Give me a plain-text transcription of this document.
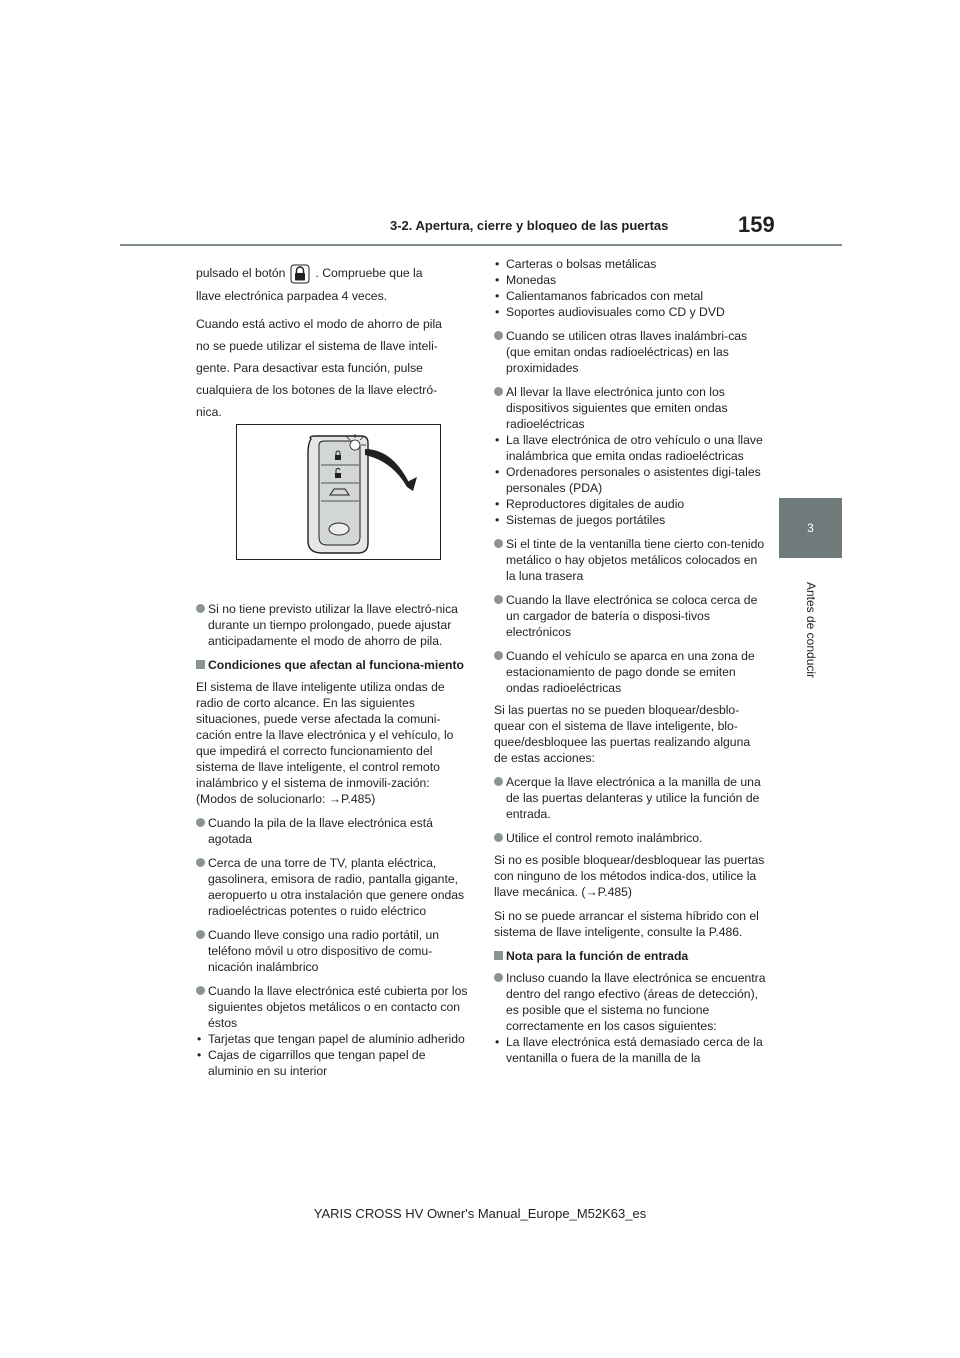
3-2. Apertura, cierre y bloqueo de las puertas	159
3
Antes de conducir

pulsado el botón . Compruebe que la

llave electrónica parpadea 4 veces.

Cuando está activo el modo de ahorro de pila

no se puede utilizar el sistema de llave inteli-

gente. Para desactivar esta función, pulse

cualquiera de los botones de la llave electró-

nica.

Si no tiene previsto utilizar la llave electró-nica durante un tiempo prolongado, puede ajustar anticipadamente el modo de ahorro de pila.

Condiciones que afectan al funciona-miento

El sistema de llave inteligente utiliza ondas de radio de corto alcance. En las siguientes situaciones, puede verse afectada la comuni-cación entre la llave electrónica y el vehículo, lo que impedirá el correcto funcionamiento del sistema de llave inteligente, el control remoto inalámbrico y el sistema de inmovili-zación: (Modos de solucionarlo: →P.485)

Cuando la pila de la llave electrónica está agotada

Cerca de una torre de TV, planta eléctrica, gasolinera, emisora de radio, pantalla gigante, aeropuerto u otra instalación que genere ondas radioeléctricas potentes o ruido eléctrico

Cuando lleve consigo una radio portátil, un teléfono móvil u otro dispositivo de comu-nicación inalámbrico

Cuando la llave electrónica esté cubierta por los siguientes objetos metálicos o en contacto con éstos

• Tarjetas que tengan papel de aluminio adherido

• Cajas de cigarrillos que tengan papel de aluminio en su interior

• Carteras o bolsas metálicas

• Monedas

• Calientamanos fabricados con metal

• Soportes audiovisuales como CD y DVD

Cuando se utilicen otras llaves inalámbri-cas (que emitan ondas radioeléctricas) en las proximidades

Al llevar la llave electrónica junto con los dispositivos siguientes que emiten ondas radioeléctricas

• La llave electrónica de otro vehículo o una llave inalámbrica que emita ondas radioeléctricas

• Ordenadores personales o asistentes digi-tales personales (PDA)

• Reproductores digitales de audio

• Sistemas de juegos portátiles

Si el tinte de la ventanilla tiene cierto con-tenido metálico o hay objetos metálicos colocados en la luna trasera

Cuando la llave electrónica se coloca cerca de un cargador de batería o disposi-tivos electrónicos

Cuando el vehículo se aparca en una zona de estacionamiento de pago donde se emiten ondas radioeléctricas

Si las puertas no se pueden bloquear/desblo-quear con el sistema de llave inteligente, blo-quee/desbloquee las puertas realizando alguna de estas acciones:

Acerque la llave electrónica a la manilla de una de las puertas delanteras y utilice la función de entrada.

Utilice el control remoto inalámbrico.

Si no es posible bloquear/desbloquear las puertas con ninguno de los métodos indica-dos, utilice la llave mecánica. (→P.485)

Si no se puede arrancar el sistema híbrido con el sistema de llave inteligente, consulte la P.486.

Nota para la función de entrada

Incluso cuando la llave electrónica se encuentra dentro del rango efectivo (áreas de detección), es posible que el sistema no funcione correctamente en los casos siguientes:

• La llave electrónica está demasiado cerca de la ventanilla o fuera de la manilla de la

YARIS CROSS HV Owner's Manual_Europe_M52K63_es
